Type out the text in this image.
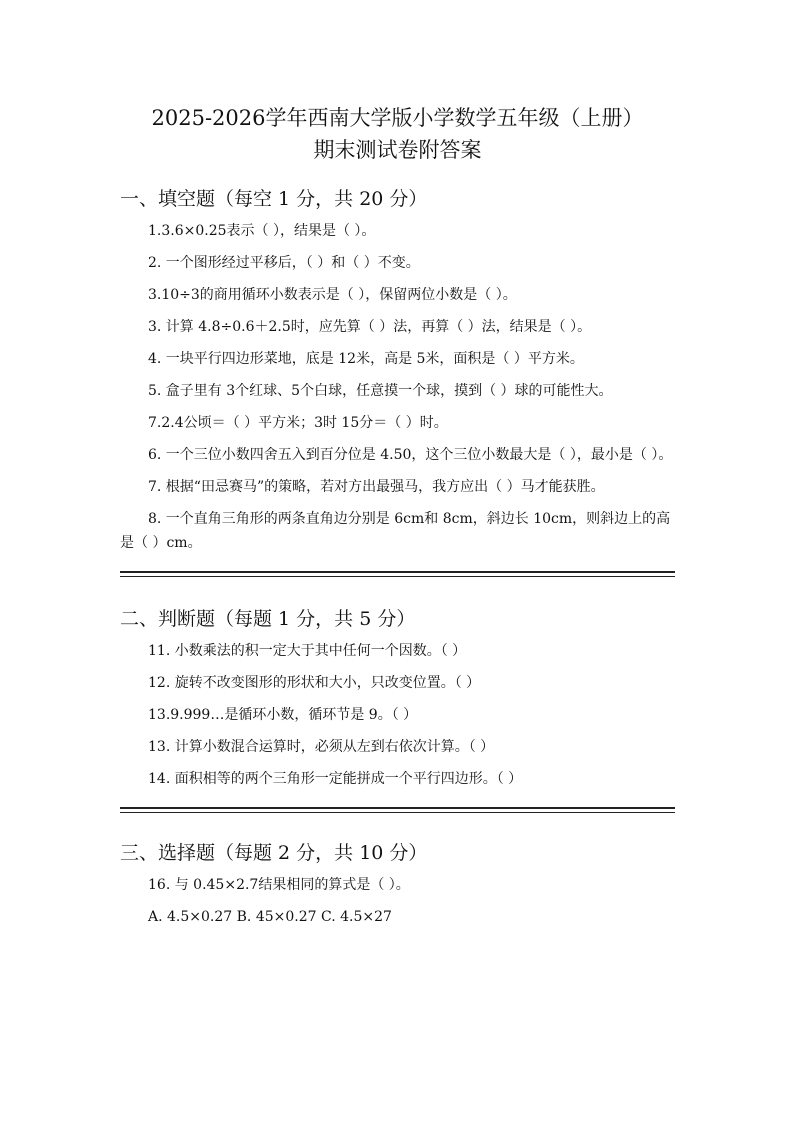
2025-2026学年西南大学版小学数学五年级（上册）
期末测试卷附答案
一、填空题（每空 1 分，共 20 分）

1.3.6×0.25表示（ ），结果是（ ）。

2. 一个图形经过平移后，（ ）和（ ）不变。

3.10÷3的商用循环小数表示是（ ），保留两位小数是（ ）。

3. 计算 4.8÷0.6＋2.5时，应先算（ ）法，再算（ ）法，结果是（ ）。

4. 一块平行四边形菜地，底是 12米，高是 5米，面积是（ ）平方米。

5. 盒子里有 3个红球、5个白球，任意摸一个球，摸到（ ）球的可能性大。

7.2.4公顷＝（ ）平方米；3时 15分＝（ ）时。

6. 一个三位小数四舍五入到百分位是 4.50，这个三位小数最大是（ ），最小是（ ）。

7. 根据“田忌赛马”的策略，若对方出最强马，我方应出（ ）马才能获胜。

8. 一个直角三角形的两条直角边分别是 6cm和 8cm，斜边长 10cm，则斜边上的高是（ ）cm。

二、判断题（每题 1 分，共 5 分）

11. 小数乘法的积一定大于其中任何一个因数。（ ）

12. 旋转不改变图形的形状和大小，只改变位置。（ ）

13.9.999…是循环小数，循环节是 9。（ ）

13. 计算小数混合运算时，必须从左到右依次计算。（ ）

14. 面积相等的两个三角形一定能拼成一个平行四边形。（ ）

三、选择题（每题 2 分，共 10 分）

16. 与 0.45×2.7结果相同的算式是（ ）。

A. 4.5×0.27 B. 45×0.27 C. 4.5×27
